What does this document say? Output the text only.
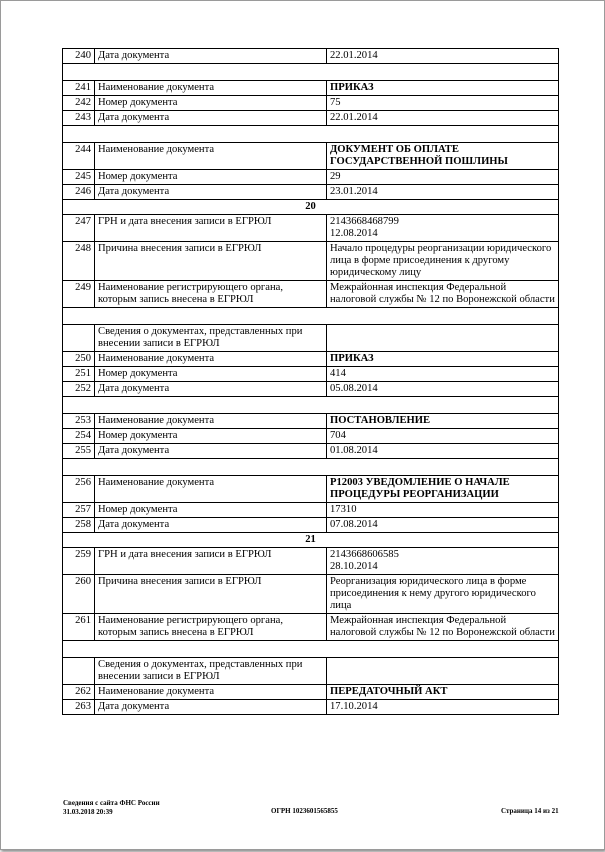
240	Дата документа	22.01.2014

241	Наименование документа	ПРИКАЗ
242	Номер документа	75
243	Дата документа	22.01.2014

244	Наименование документа	ДОКУМЕНТ ОБ ОПЛАТЕ ГОСУДАРСТВЕННОЙ ПОШЛИНЫ
245	Номер документа	29
246	Дата документа	23.01.2014
20		
247	ГРН и дата внесения записи в ЕГРЮЛ	2143668468799
12.08.2014

248	Причина внесения записи в ЕГРЮЛ	Начало процедуры реорганизации юридического лица в форме присоединения к другому юридическому лицу
249	Наименование регистрирующего органа, которым запись внесена в ЕГРЮЛ	Межрайонная инспекция Федеральной налоговой службы № 12 по Воронежской области

	Сведения о документах, представленных при внесении записи в ЕГРЮЛ	
250	Наименование документа	ПРИКАЗ
251	Номер документа	414
252	Дата документа	05.08.2014

253	Наименование документа	ПОСТАНОВЛЕНИЕ
254	Номер документа	704
255	Дата документа	01.08.2014

256	Наименование документа	Р12003 УВЕДОМЛЕНИЕ О НАЧАЛЕ ПРОЦЕДУРЫ РЕОРГАНИЗАЦИИ
257	Номер документа	17310
258	Дата документа	07.08.2014
21		
259	ГРН и дата внесения записи в ЕГРЮЛ	2143668606585
28.10.2014

260	Причина внесения записи в ЕГРЮЛ	Реорганизация юридического лица в форме присоединения к нему другого юридического лица
261	Наименование регистрирующего органа, которым запись внесена в ЕГРЮЛ	Межрайонная инспекция Федеральной налоговой службы № 12 по Воронежской области

	Сведения о документах, представленных при внесении записи в ЕГРЮЛ	
262	Наименование документа	ПЕРЕДАТОЧНЫЙ АКТ
263	Дата документа	17.10.2014
Сведения с сайта ФНС России
31.03.2018 20:39	ОГРН 1023601565855	Страница 14 из 21
